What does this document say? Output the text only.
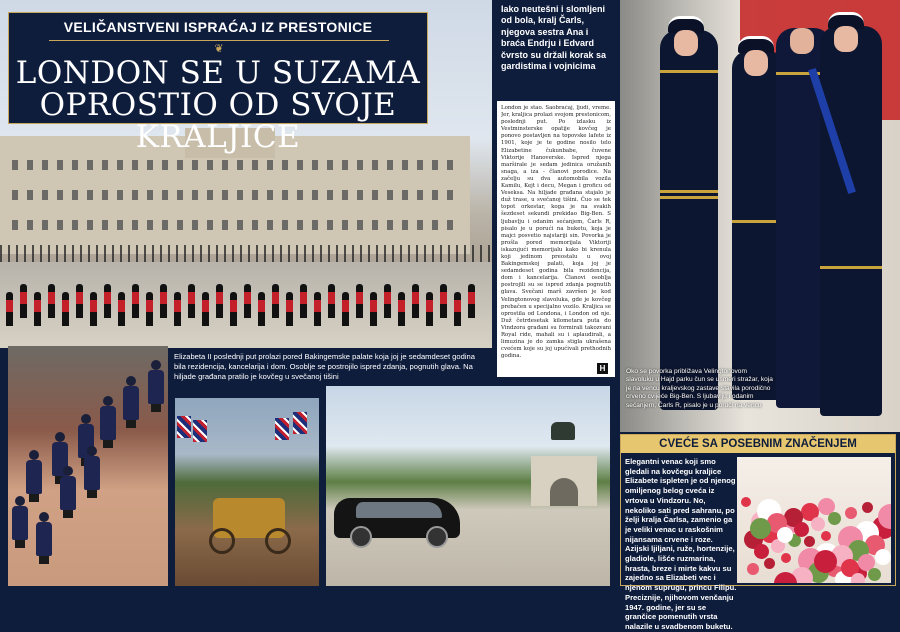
VELIČANSTVENI ISPRAĆAJ IZ PRESTONICE
❦
LONDON SE U SUZAMA
OPROSTIO OD SVOJE KRALJICE
Elizabeta II poslednji put prolazi pored Bakingemske palate koja joj je sedamdeset godina bila rezidencija, kancelarija i dom. Osoblje se postrojilo ispred zdanja, pognutih glava. Na hiljade građana pratilo je kovčeg u svečanoj tišini
Iako neutešni i slomljeni od bola, kralj Čarls, njegova sestra Ana i braća Endrju i Edvard čvrsto su držali korak sa gardistima i vojnicima
London je stao. Saobraćaj, ljudi, vreme. Jer, kraljica prolazi svojom prestonicom, poslednji put. Po izlasku iz Vestminsterske opatije kovčeg je ponovo postavljen na topovske lafete iz 1901, koje je te godine nosilo telo Elizabetine čukunbabe, čuvene Viktorije Hanoverske. Ispred njega marširale je sedam jedinica oružanih snaga, a iza - članovi porodice. Na začelju su dva automobila vozila Kamilu, Kejt i decu, Megan i groficu od Veseksa. Na hiljade građana stajalo je duž trase, u svečanoj tišini. Čuo se tek topot orkestar, koga je na svakih šezdeset sekundi prekidao Big-Ben. S ljubavlju i odanim sećanjem, Čarls R, pisalo je u porući na buketu, koja je majci posvetio najstariji sin. Povorka je prošla pored memorijala Viktoriji iskazujući memorijalu kako bi krenula koji jedinom preostalu u ovoj Bakingemskoj palati, koja joj je sedamdeset godina bila rezidencija, dom i kancelarija. Članovi osoblja postrojili su se ispred zdanja pognutih glava. Svečani marš završen je kod Velingtonovog slavoluka, gde je kovčeg prebačen u specijalno vozilo. Kraljica se oprostila od Londona, i London od nje. Duž četrdesetak kilometara puta do Vindzora građani su formirali takozvani Royal ride, mahali su i aplaudirali, a limuzina je do zamka stigla ukrašena cvećem koje su joj upućivali prethodnih godina.
H	Oko se povorka približava Velingtonovom slavoluku u Hajd parku čun se usmeri stražar, koja je na vencu kraljevskog zastave stavila porodično crveno cvijeće Big-Ben. S ljubavlju i odanim sećanjem, Čarls R, pisalo je u porući na vencu
CVEĆE SA POSEBNIM ZNAČENJEM
Elegantni venac koji smo gledali na kovčegu kraljice Elizabete ispleten je od njenog omiljenog belog cveća iz vrtova u Vindzoru. No, nekoliko sati pred sahranu, po želji kralja Čarlsa, zamenio ga je veliki venac u raskošnim nijansama crvene i roze. Azijski ljiljani, ruže, hortenzije, gladiole, lišće ruzmarina, hrasta, breze i mirte kakvu su zajedno sa Elizabeti vec i njenom suprugu, princu Filipu. Preciznije, njihovom venčanju 1947. godine, jer su se grančice pomenutih vrsta nalazile u svadbenom buketu.
